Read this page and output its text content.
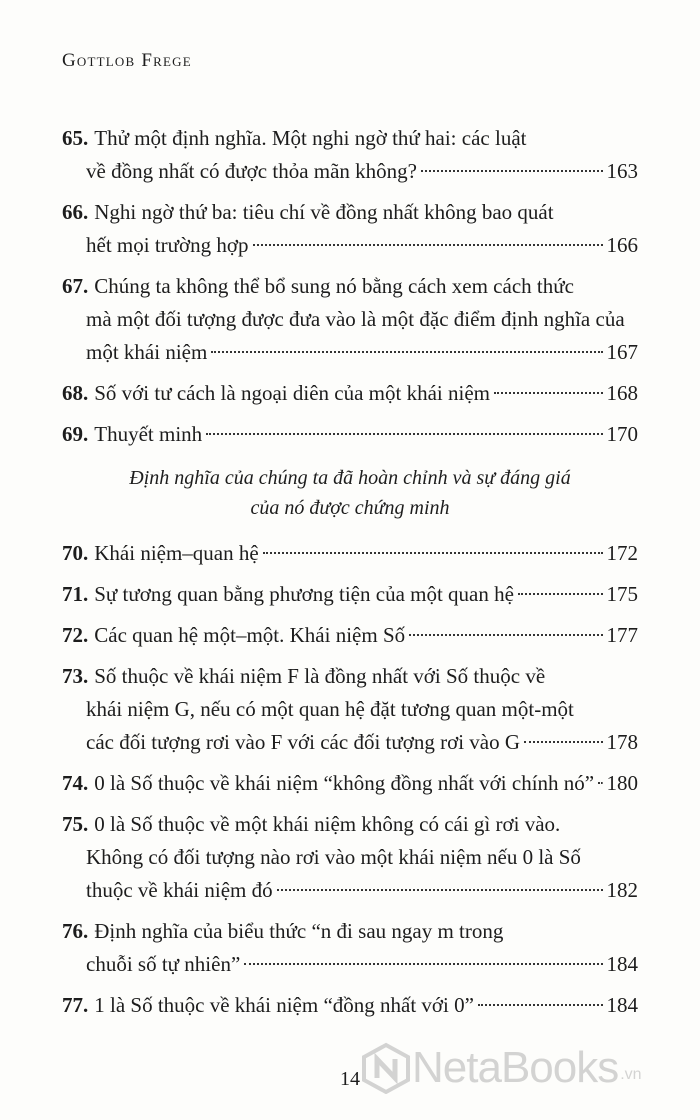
Gottlob Frege
65. Thử một định nghĩa. Một nghi ngờ thứ hai: các luật
về đồng nhất có được thỏa mãn không?	163
66. Nghi ngờ thứ ba: tiêu chí về đồng nhất không bao quát
hết mọi trường hợp	166
67. Chúng ta không thể bổ sung nó bằng cách xem cách thức
mà một đối tượng được đưa vào là một đặc điểm định nghĩa của
một khái niệm	167
68. Số với tư cách là ngoại diên của một khái niệm	168
69. Thuyết minh	170
Định nghĩa của chúng ta đã hoàn chỉnh và sự đáng giá
của nó được chứng minh
70. Khái niệm–quan hệ	172
71. Sự tương quan bằng phương tiện của một quan hệ	175
72. Các quan hệ một–một. Khái niệm Số	177
73. Số thuộc về khái niệm F là đồng nhất với Số thuộc về
khái niệm G, nếu có một quan hệ đặt tương quan một-một
các đối tượng rơi vào F với các đối tượng rơi vào G	178
74. 0 là Số thuộc về khái niệm “không đồng nhất với chính nó” 180
75. 0 là Số thuộc về một khái niệm không có cái gì rơi vào.
Không có đối tượng nào rơi vào một khái niệm nếu 0 là Số
thuộc về khái niệm đó	182
76. Định nghĩa của biểu thức “n đi sau ngay m trong
chuỗi số tự nhiên”	184
77. 1 là Số thuộc về khái niệm “đồng nhất với 0”	184
14	NetaBooks .vn
